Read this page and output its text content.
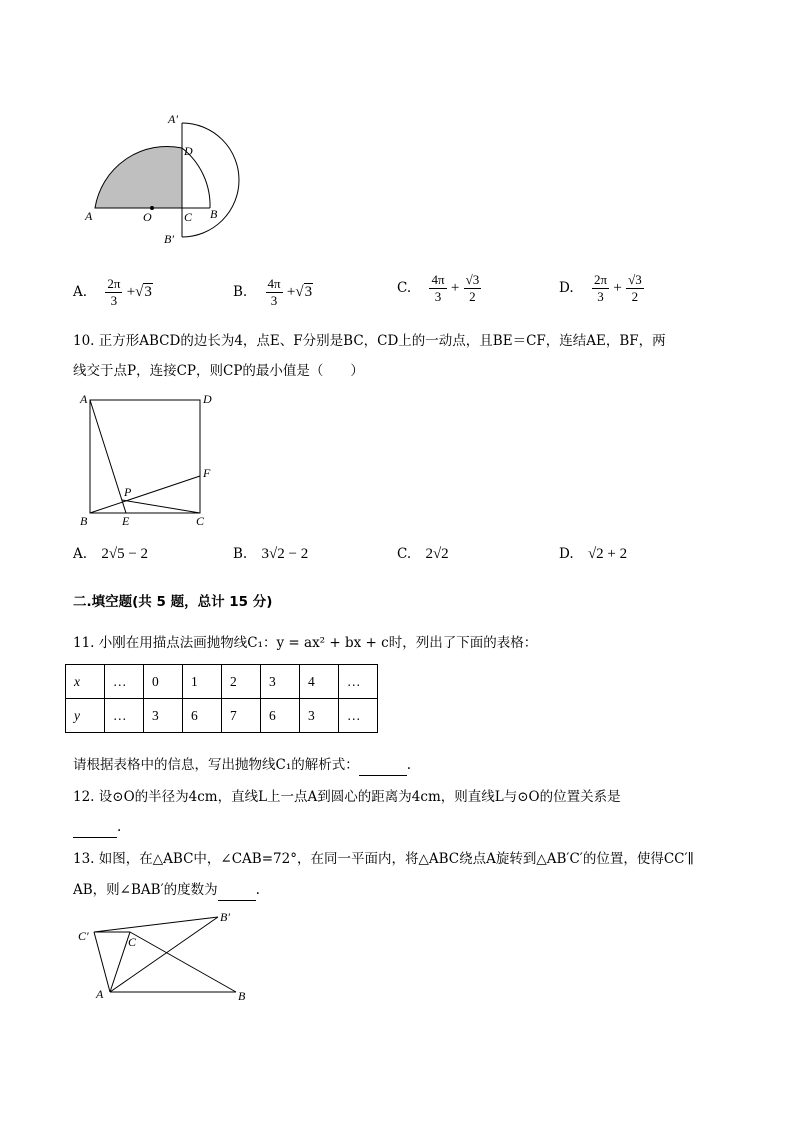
A′
D
A	O	C B
B′
A. $\frac{2\pi}{3} +√3$	B. $\frac{4\pi}{3} +√3$	C. $\frac{4\pi}{3} + \frac{√3}{2}$	D. $\frac{2\pi}{3} + \frac{√3}{2}$
10. 正方形ABCD的边长为4，点E、F分别是BC，CD上的一动点，且BE＝CF，连结AE，BF，两
线交于点P，连接CP，则CP的最小值是（　　）
A	D
F
P
B	E	C
A. 2√5 − 2	B. 3√2 − 2	C. 2√2	D. √2 + 2
二.填空题(共 5 题，总计 15 分)
11. 小刚在用描点法画抛物线C₁：y = ax² + bx + c时，列出了下面的表格：
x	…	0	1	2	3	4	…
y	…	3	6	7	6	3	…
请根据表格中的信息，写出抛物线C₁的解析式：	.
12. 设⊙O的半径为4cm，直线L上一点A到圆心的距离为4cm，则直线L与⊙O的位置关系是
.
13. 如图，在△ABC中，∠CAB=72°，在同一平面内，将△ABC绕点A旋转到△AB′C′的位置，使得CC′∥
AB，则∠BAB′的度数为	.
C′	C
B′
A	B
